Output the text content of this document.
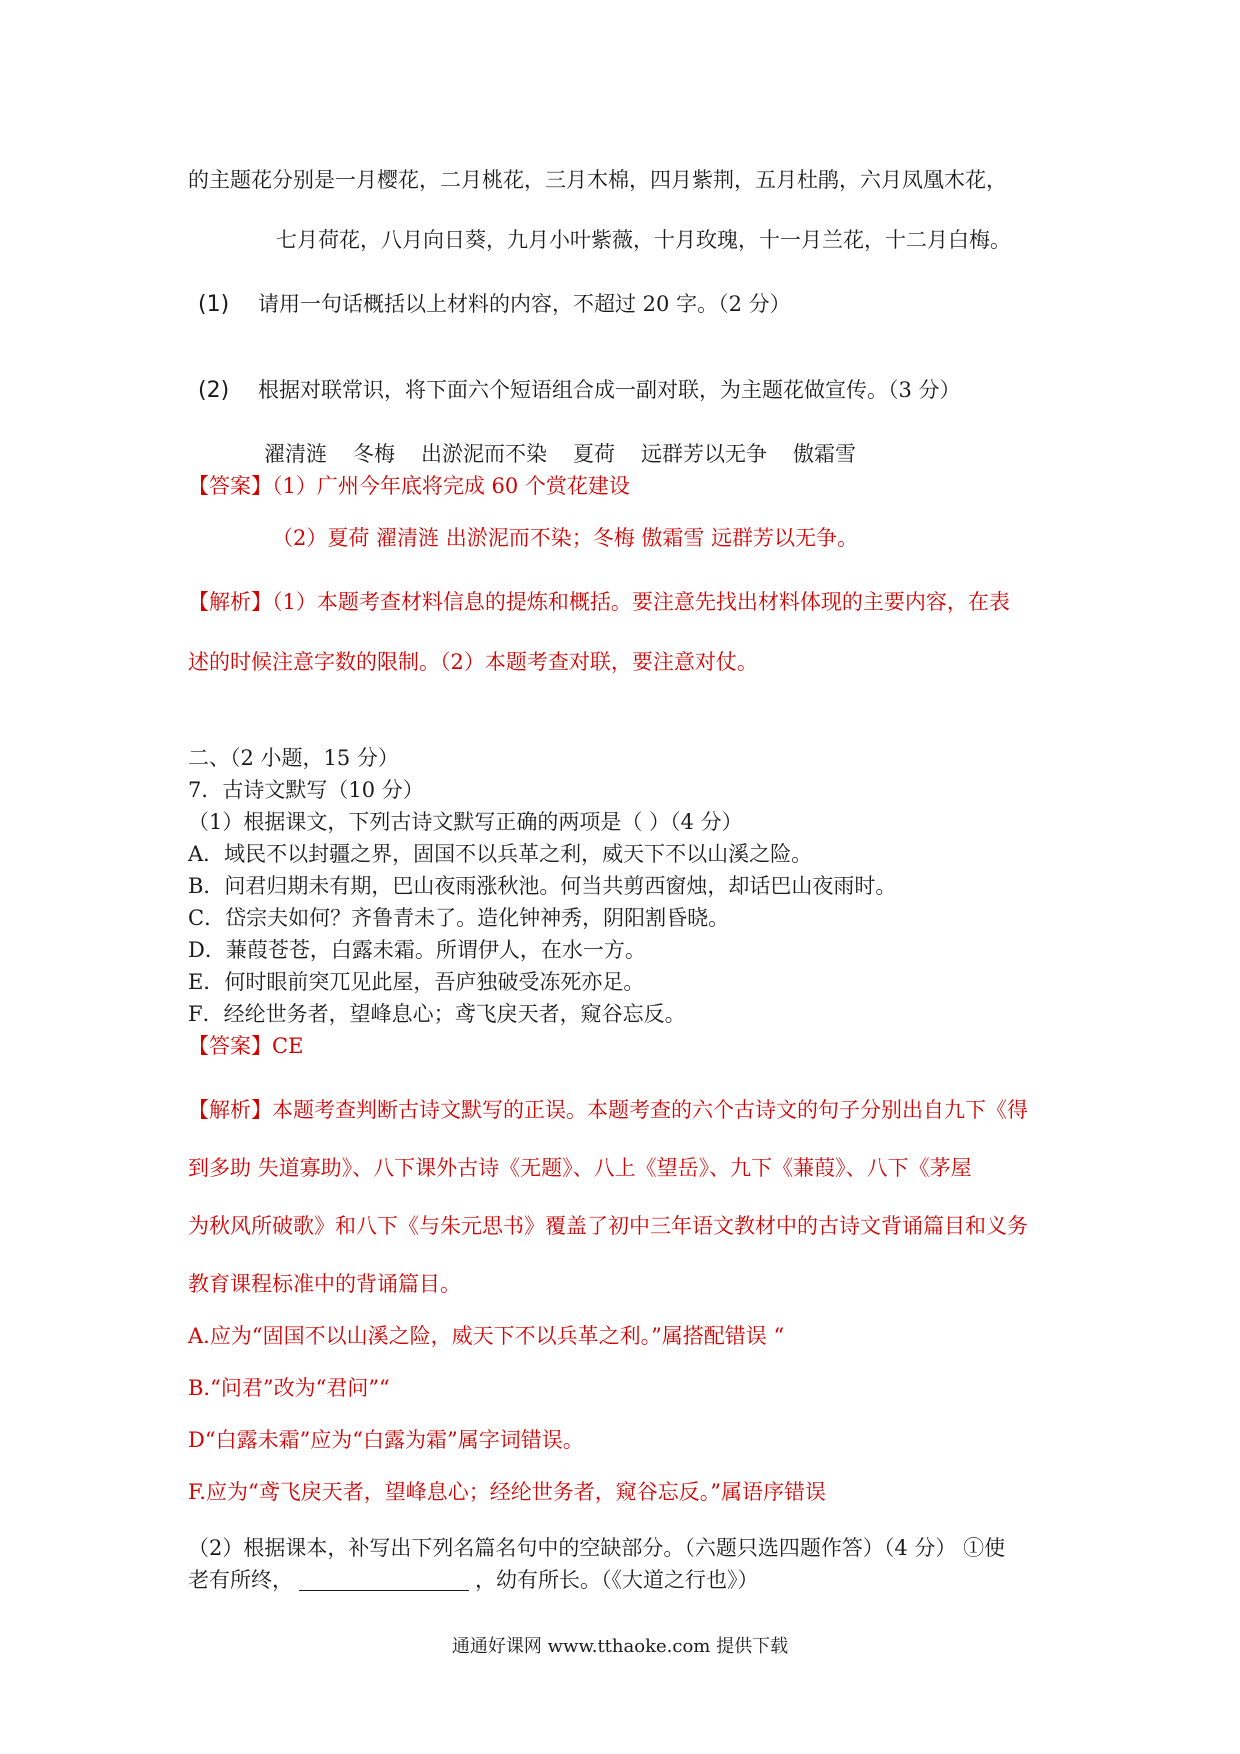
的主题花分别是一月樱花，二月桃花，三月木棉，四月紫荆，五月杜鹃，六月凤凰木花，
七月荷花，八月向日葵，九月小叶紫薇，十月玫瑰，十一月兰花，十二月白梅。
(1) 请用一句话概括以上材料的内容，不超过 20 字。（2 分）
(2) 根据对联常识，将下面六个短语组合成一副对联，为主题花做宣传。（3 分）
濯清涟 冬梅 出淤泥而不染 夏荷 远群芳以无争 傲霜雪
【答案】（1）广州今年底将完成 60 个赏花建设
（2）夏荷 濯清涟 出淤泥而不染；冬梅 傲霜雪 远群芳以无争。
【解析】（1）本题考查材料信息的提炼和概括。要注意先找出材料体现的主要内容，在表
述的时候注意字数的限制。（2）本题考查对联，要注意对仗。
二、（2 小题，15 分）
7．古诗文默写（10 分）
（1）根据课文，下列古诗文默写正确的两项是（ ）（4 分）
A．域民不以封疆之界，固国不以兵革之利，威天下不以山溪之险。
B．问君归期未有期，巴山夜雨涨秋池。何当共剪西窗烛，却话巴山夜雨时。
C．岱宗夫如何？齐鲁青未了。造化钟神秀，阴阳割昏晓。
D．蒹葭苍苍，白露未霜。所谓伊人，在水一方。
E．何时眼前突兀见此屋，吾庐独破受冻死亦足。
F．经纶世务者，望峰息心；鸢飞戾天者，窥谷忘反。
【答案】CE
【解析】本题考查判断古诗文默写的正误。本题考查的六个古诗文的句子分别出自九下《得
到多助 失道寡助》、八下课外古诗《无题》、八上《望岳》、九下《蒹葭》、八下《茅屋
为秋风所破歌》和八下《与朱元思书》覆盖了初中三年语文教材中的古诗文背诵篇目和义务
教育课程标准中的背诵篇目。
A.应为“固国不以山溪之险，威天下不以兵革之利。”属搭配错误 “
B.“问君”改为“君问”“
D“白露未霜”应为“白露为霜”属字词错误。
F.应为“鸢飞戾天者，望峰息心；经纶世务者，窥谷忘反。”属语序错误
（2）根据课本，补写出下列名篇名句中的空缺部分。（六题只选四题作答）（4 分） ①使
老有所终，	，幼有所长。（《大道之行也》）
通通好课网 www.tthaoke.com 提供下载
